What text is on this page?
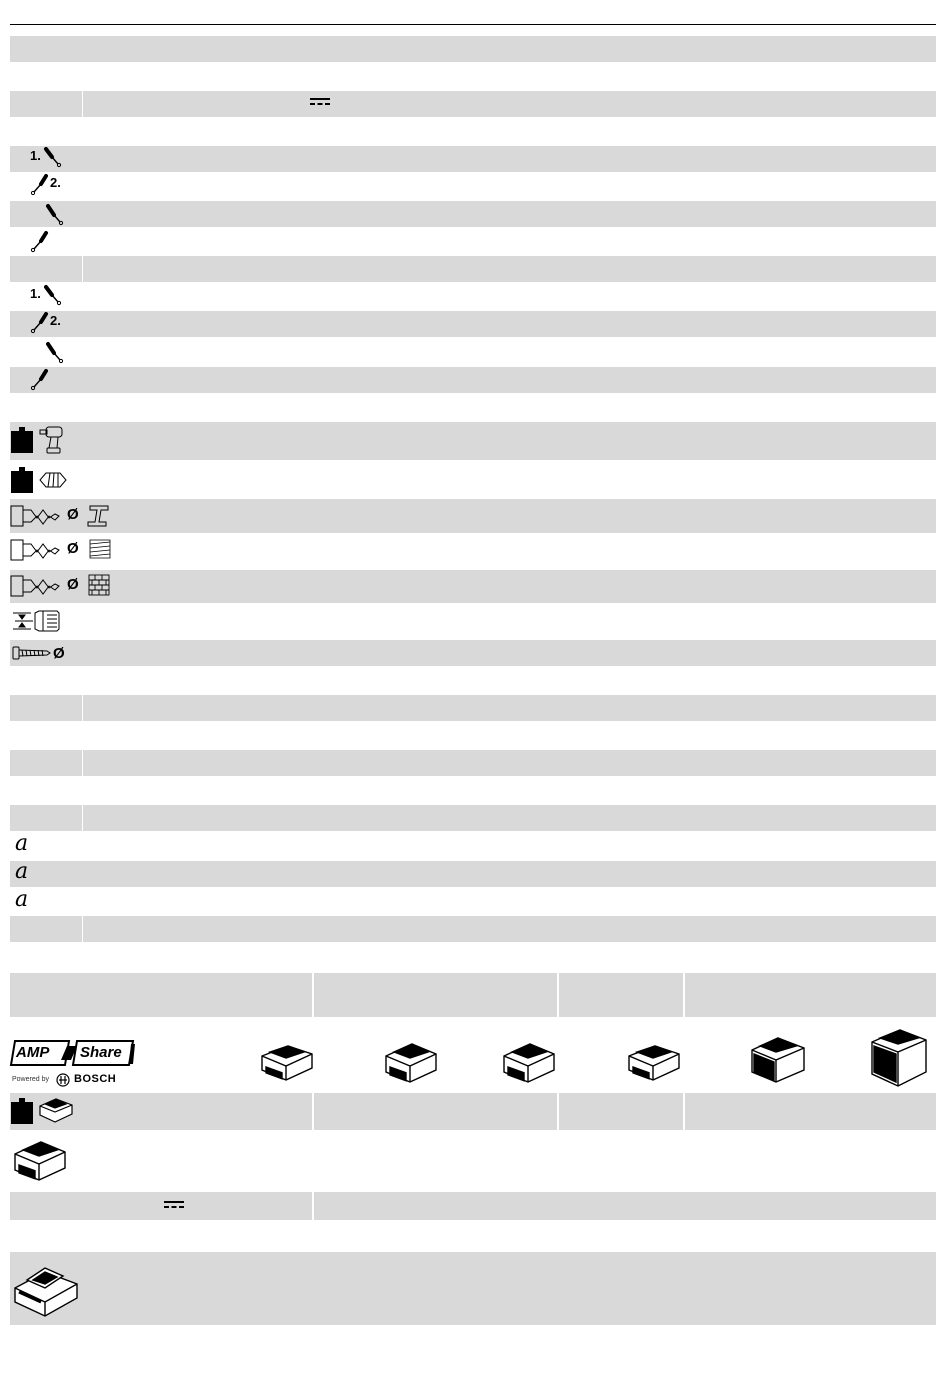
1.
2.
1.
2.
Ø
Ø
Ø
Ø
a
a
a
AMP Share
Powered by BOSCH
